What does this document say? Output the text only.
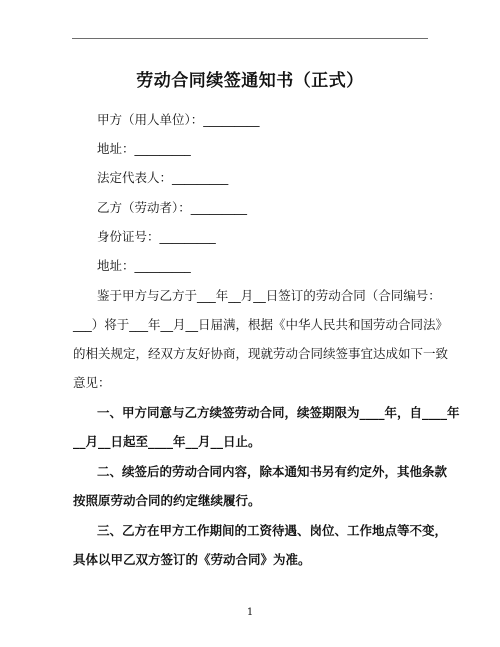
劳动合同续签通知书（正式）
甲方（用人单位）：_________
地址：_________
法定代表人：_________
乙方（劳动者）：_________
身份证号：_________
地址：_________
鉴于甲方与乙方于___年__月__日签订的劳动合同（合同编号：
___）将于___年__月__日届满，根据《中华人民共和国劳动合同法》
的相关规定，经双方友好协商，现就劳动合同续签事宜达成如下一致
意见：
一、甲方同意与乙方续签劳动合同，续签期限为____年，自____年
__月__日起至____年__月__日止。
二、续签后的劳动合同内容，除本通知书另有约定外，其他条款
按照原劳动合同的约定继续履行。
三、乙方在甲方工作期间的工资待遇、岗位、工作地点等不变，
具体以甲乙双方签订的《劳动合同》为准。
1
